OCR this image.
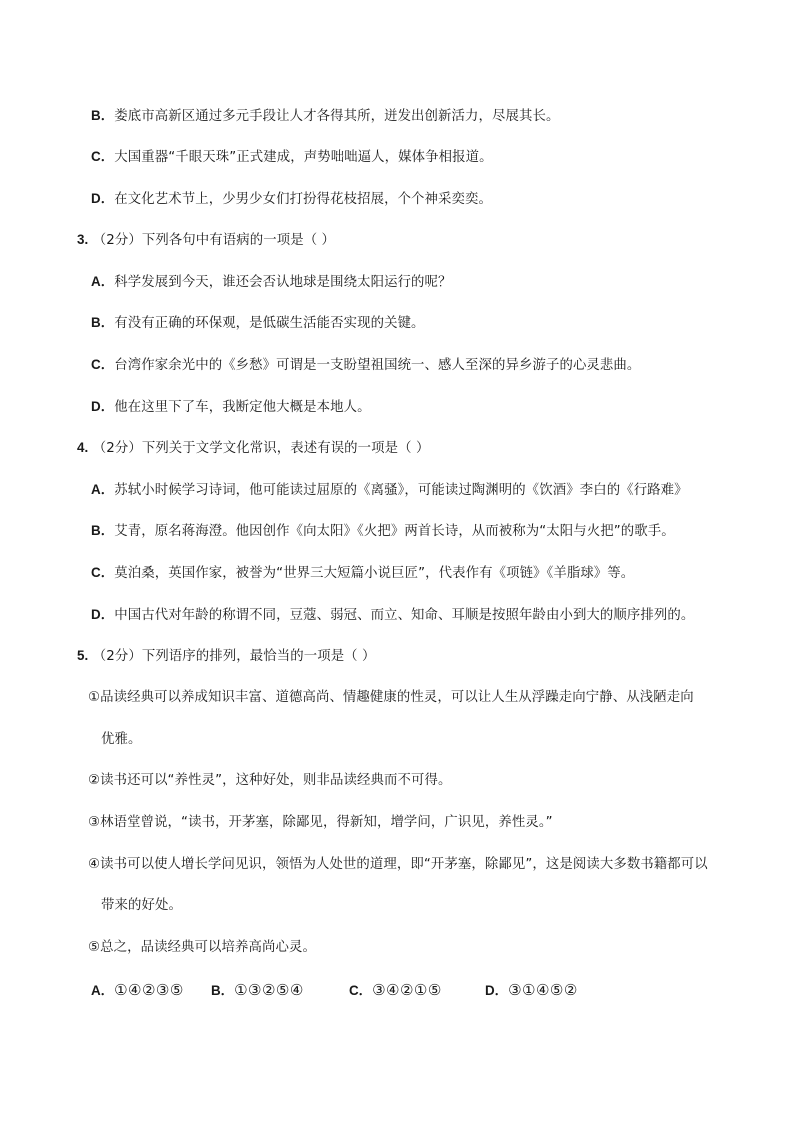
B．娄底市高新区通过多元手段让人才各得其所，迸发出创新活力，尽展其长。
C．大国重器“千眼天珠”正式建成，声势咄咄逼人，媒体争相报道。
D．在文化艺术节上，少男少女们打扮得花枝招展，个个神采奕奕。
3. （2分）下列各句中有语病的一项是（ ）
A．科学发展到今天，谁还会否认地球是围绕太阳运行的呢？
B．有没有正确的环保观，是低碳生活能否实现的关键。
C．台湾作家余光中的《乡愁》可谓是一支盼望祖国统一、感人至深的异乡游子的心灵悲曲。
D．他在这里下了车，我断定他大概是本地人。
4. （2分）下列关于文学文化常识，表述有误的一项是（ ）
A．苏轼小时候学习诗词，他可能读过屈原的《离骚》，可能读过陶渊明的《饮酒》李白的《行路难》
B．艾青，原名蒋海澄。他因创作《向太阳》《火把》两首长诗，从而被称为“太阳与火把”的歌手。
C．莫泊桑，英国作家，被誉为“世界三大短篇小说巨匠”，代表作有《项链》《羊脂球》等。
D．中国古代对年龄的称谓不同，豆蔻、弱冠、而立、知命、耳顺是按照年龄由小到大的顺序排列的。
5. （2分）下列语序的排列，最恰当的一项是（ ）
①品读经典可以养成知识丰富、道德高尚、情趣健康的性灵，可以让人生从浮躁走向宁静、从浅陋走向
优雅。
②读书还可以“养性灵”，这种好处，则非品读经典而不可得。
③林语堂曾说，“读书，开茅塞，除鄙见，得新知，增学问，广识见，养性灵。”
④读书可以使人增长学问见识，领悟为人处世的道理，即“开茅塞，除鄙见”，这是阅读大多数书籍都可以
带来的好处。
⑤总之，品读经典可以培养高尚心灵。
A．①④②③⑤ B．①③②⑤④	C．③④②①⑤	D．③①④⑤②
